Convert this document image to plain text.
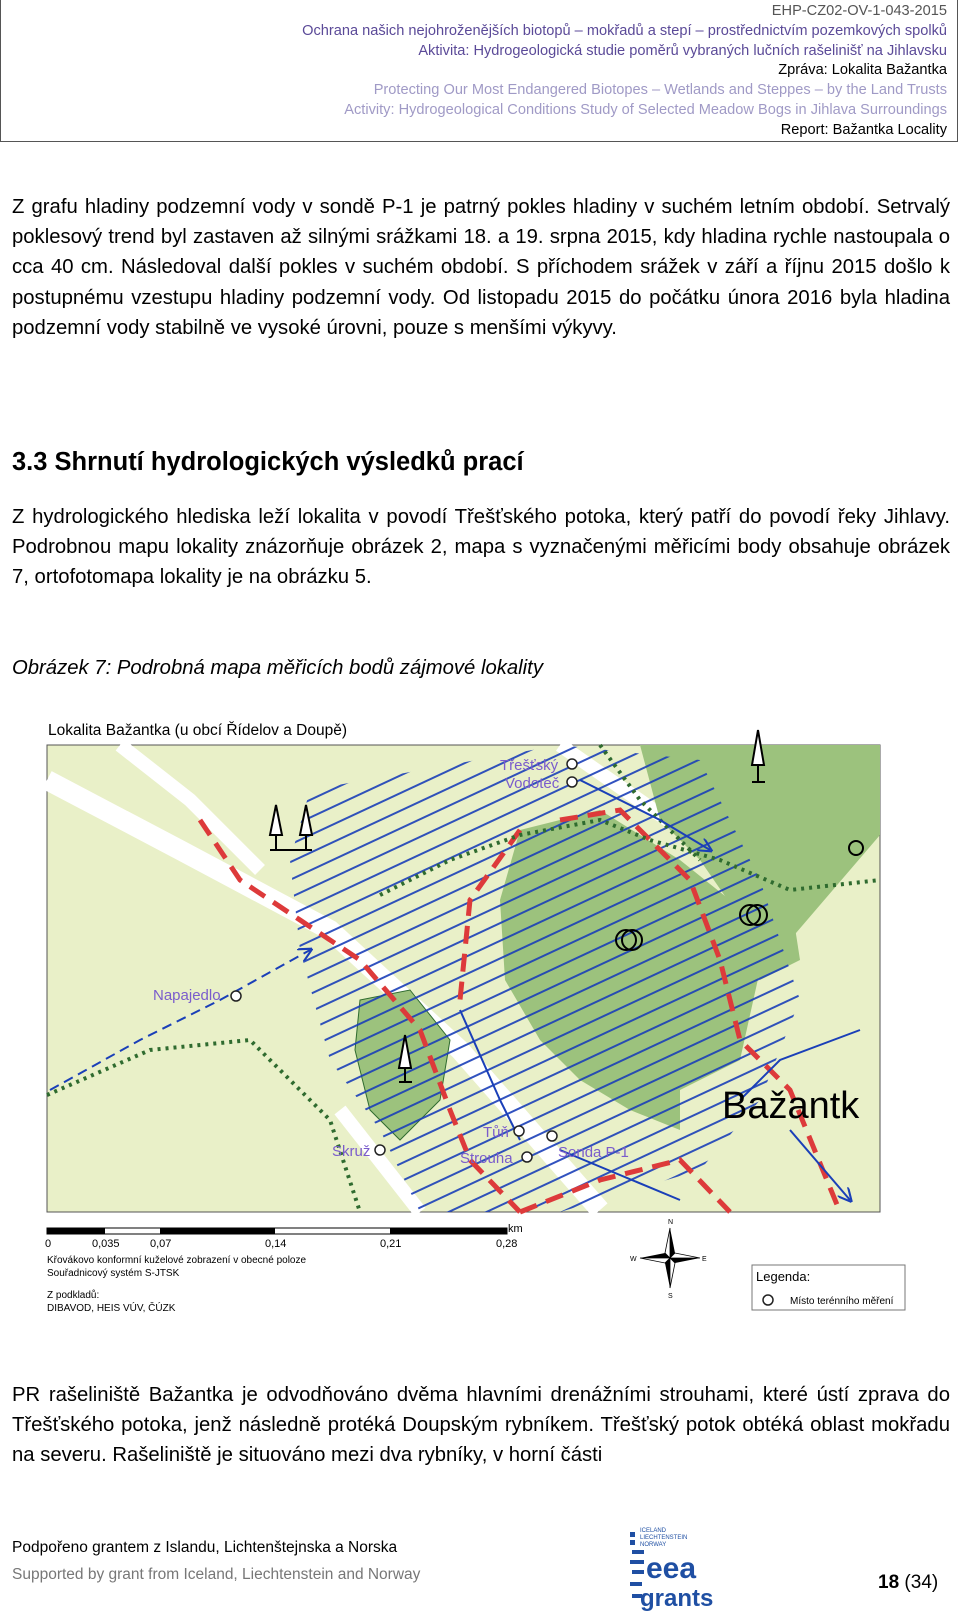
EHP-CZ02-OV-1-043-2015
Ochrana našich nejohroženějších biotopů – mokřadů a stepí – prostřednictvím pozemkových spolků
Aktivita: Hydrogeologická studie poměrů vybraných lučních rašelinišť na Jihlavsku
Zpráva: Lokalita Bažantka
Protecting Our Most Endangered Biotopes – Wetlands and Steppes – by the Land Trusts
Activity: Hydrogeological Conditions Study of Selected Meadow Bogs in Jihlava Surroundings
Report: Bažantka Locality
Z grafu hladiny podzemní vody v sondě P-1 je patrný pokles hladiny v suchém letním období. Setrvalý poklesový trend byl zastaven až silnými srážkami 18. a 19. srpna 2015, kdy hladina rychle nastoupala o cca 40 cm. Následoval další pokles v suchém období. S příchodem srážek v září a říjnu 2015 došlo k postupnému vzestupu hladiny podzemní vody. Od listopadu 2015 do počátku února 2016 byla hladina podzemní vody stabilně ve vysoké úrovni, pouze s menšími výkyvy.
3.3 Shrnutí hydrologických výsledků prací
Z hydrologického hlediska leží lokalita v povodí Třešťského potoka, který patří do povodí řeky Jihlavy. Podrobnou mapu lokality znázorňuje obrázek 2, mapa s vyznačenými měřicími body obsahuje obrázek 7, ortofotomapa lokality je na obrázku 5.
Obrázek 7: Podrobná mapa měřicích bodů zájmové lokality
Třešťský
Vodoteč
Napajedlo
Skruž
Tůň
Strouha	Sonda P-1
Bažantk
km
0	0,035	0,07	0,14	0,21	0,28
Křovákovo konformní kuželové zobrazení v obecné poloze
Souřadnicový systém S-JTSK
Z podkladů:
DIBAVOD, HEIS VÚV, ČÚZK
N
S
E
W
Legenda:
Místo terénního měření
Lokalita Bažantka (u obcí Řídelov a Doupě)
PR rašeliniště Bažantka je odvodňováno dvěma hlavními drenážními strouhami, které ústí zprava do Třešťského potoka, jenž následně protéká Doupským rybníkem. Třešťský potok obtéká oblast mokřadu na severu. Rašeliniště je situováno mezi dva rybníky, v horní části
Podpořeno grantem z Islandu, Lichtenštejnska a Norska
Supported by grant from Iceland, Liechtenstein and Norway
ICELAND
LIECHTENSTEIN
NORWAY
eea
grants
18 (34)
